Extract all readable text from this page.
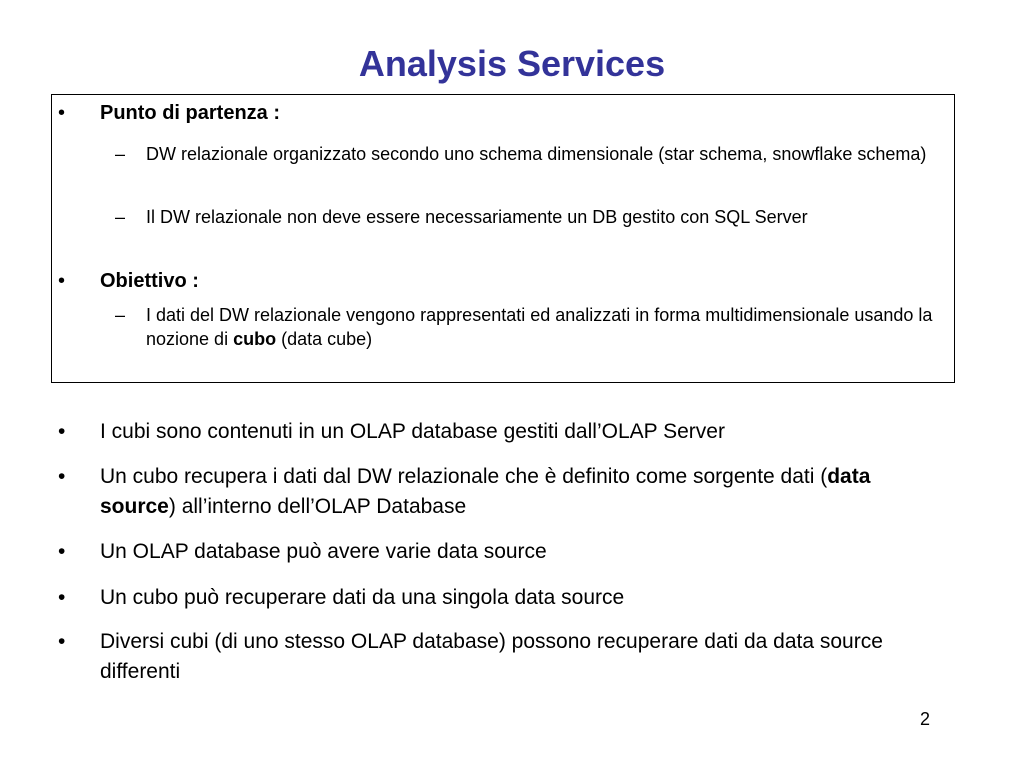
Analysis Services
• Punto di partenza :
– DW relazionale organizzato secondo uno schema dimensionale (star schema, snowflake schema)
– Il DW relazionale non deve essere necessariamente un DB gestito con SQL Server
• Obiettivo :
– I dati del DW relazionale vengono rappresentati ed analizzati in forma multidimensionale usando la nozione di cubo (data cube)
• I cubi sono contenuti in un OLAP database gestiti dall’OLAP Server
• Un cubo recupera i dati dal DW relazionale che è definito come sorgente dati (data source) all’interno dell’OLAP Database
• Un OLAP database può avere varie data source
• Un cubo può recuperare dati da una singola data source
• Diversi cubi (di uno stesso OLAP database) possono recuperare dati da data source differenti
2
